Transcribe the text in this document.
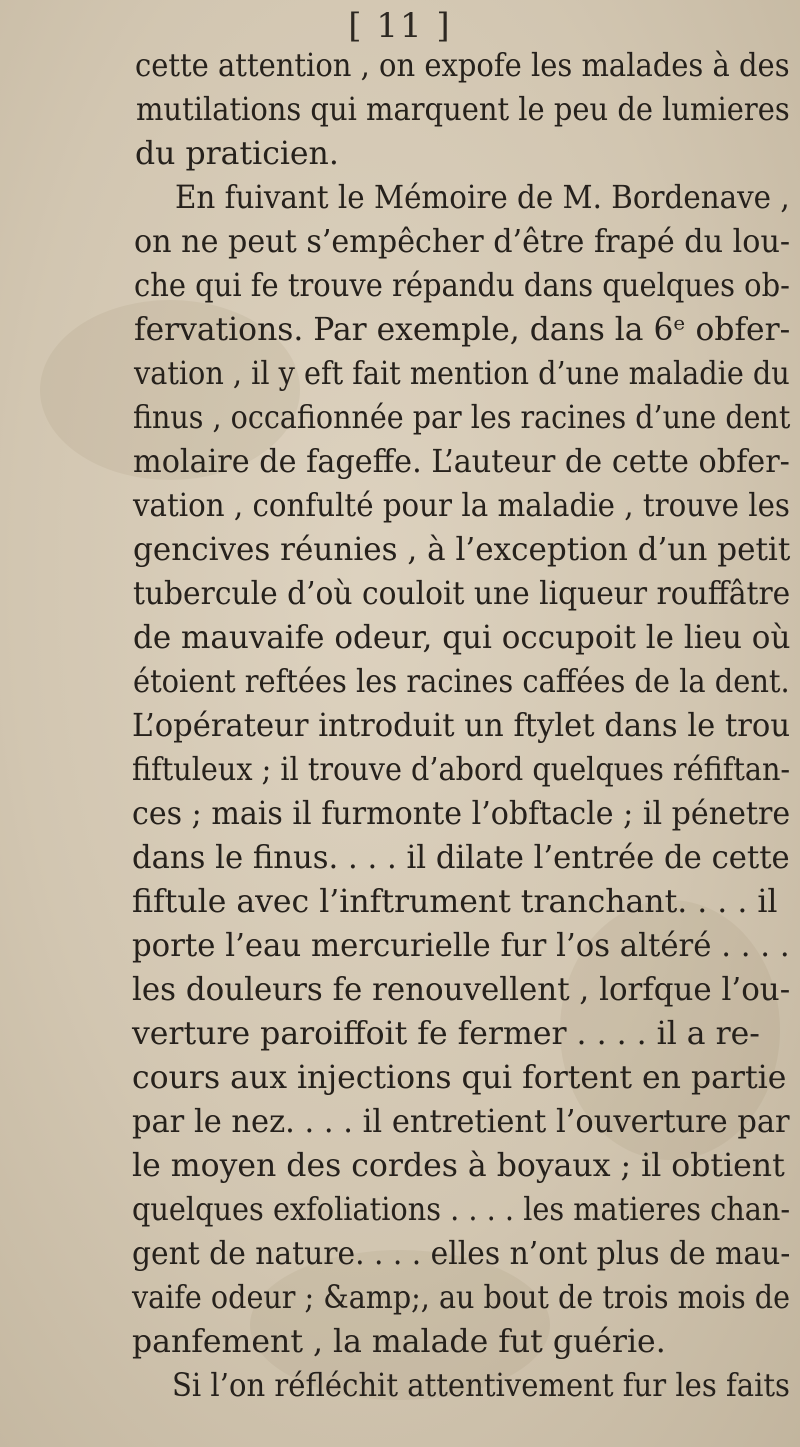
[ 11 ]
cette attention , on expofe les malades à des
mutilations qui marquent le peu de lumieres
du praticien.
En fuivant le Mémoire de M. Bordenave ,
on ne peut s’empêcher d’être frapé du lou-
che qui fe trouve répandu dans quelques ob-
fervations. Par exemple, dans la 6ᵉ obfer-
vation , il y eft fait mention d’une maladie du
finus , occafionnée par les racines d’une dent
molaire de fageffe. L’auteur de cette obfer-
vation , confulté pour la maladie , trouve les
gencives réunies , à l’exception d’un petit
tubercule d’où couloit une liqueur rouffâtre
de mauvaife odeur, qui occupoit le lieu où
étoient reftées les racines caffées de la dent.
L’opérateur introduit un ftylet dans le trou
fiftuleux ; il trouve d’abord quelques réfiftan-
ces ; mais il furmonte l’obftacle ; il pénetre
dans le finus. . . . il dilate l’entrée de cette
fiftule avec l’inftrument tranchant. . . . il
porte l’eau mercurielle fur l’os altéré . . . .
les douleurs fe renouvellent , lorfque l’ou-
verture paroiffoit fe fermer . . . . il a re-
cours aux injections qui fortent en partie
par le nez. . . . il entretient l’ouverture par
le moyen des cordes à boyaux ; il obtient
quelques exfoliations . . . . les matieres chan-
gent de nature. . . . elles n’ont plus de mau-
vaife odeur ; &amp;, au bout de trois mois de
panfement , la malade fut guérie.
Si l’on réfléchit attentivement fur les faits
